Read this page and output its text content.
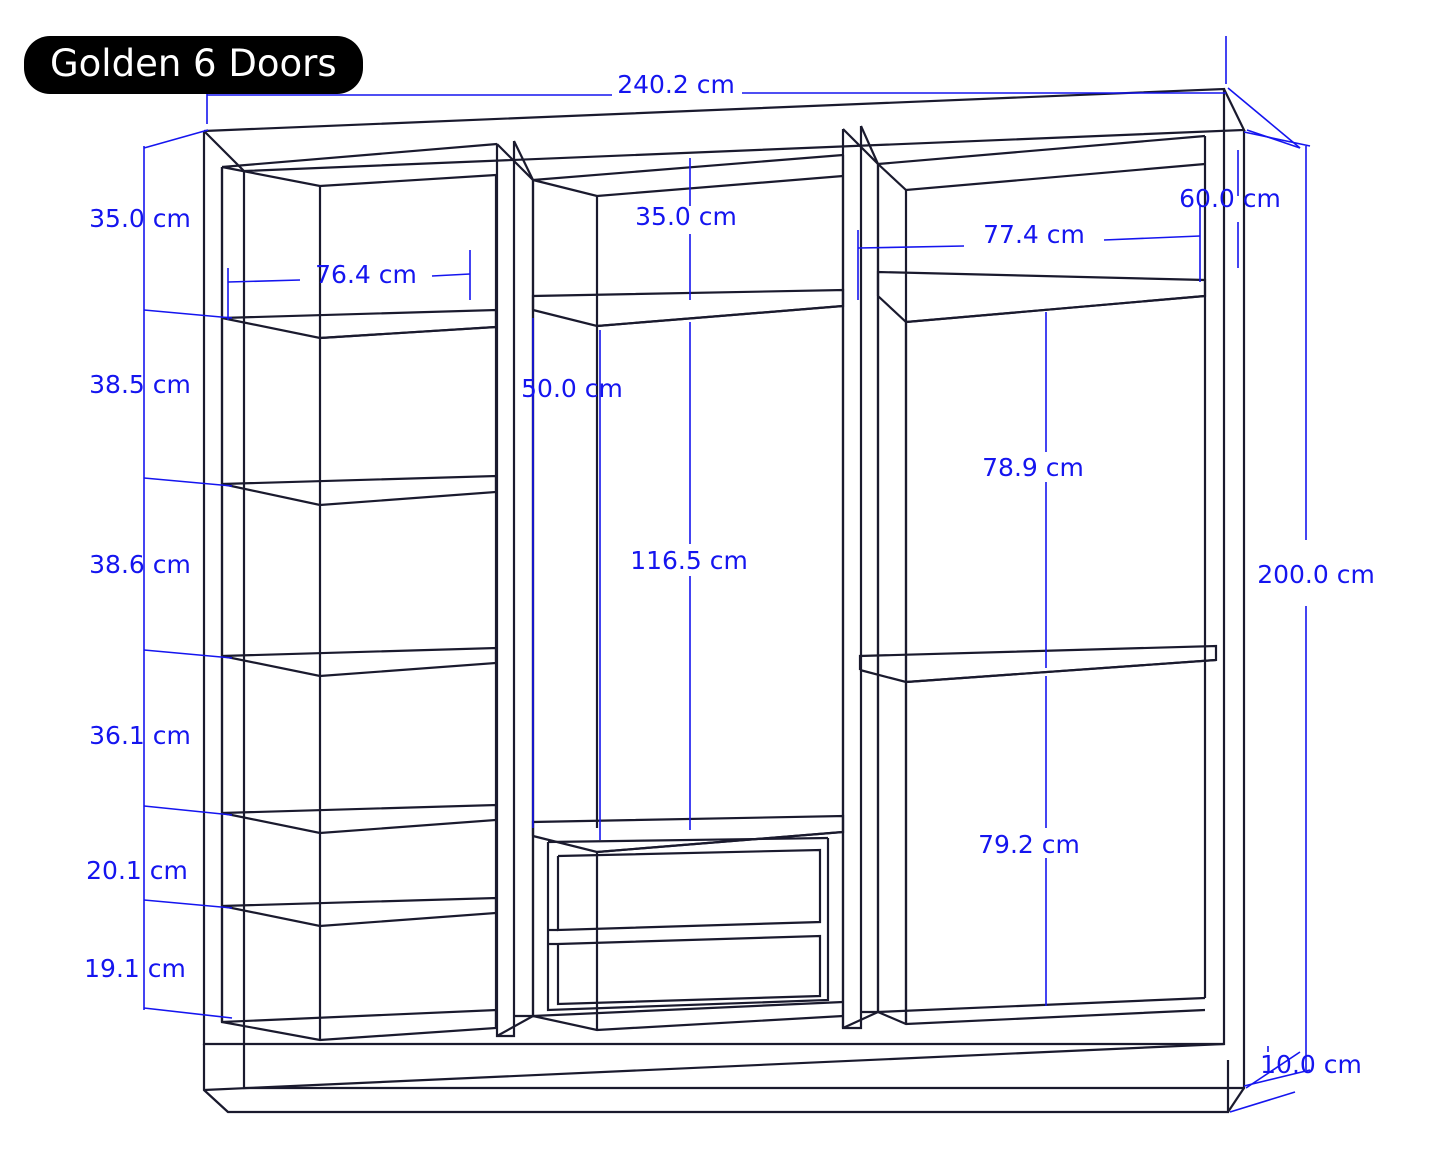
Golden 6 Doors	240.2 cm
35.0 cm	35.0 cm
60.0 cm
77.4 cm
76.4 cm
38.5 cm	50.0 cm
78.9 cm
38.6 cm	116.5 cm	200.0 cm
36.1 cm
79.2 cm
20.1 cm
19.1 cm
10.0 cm
